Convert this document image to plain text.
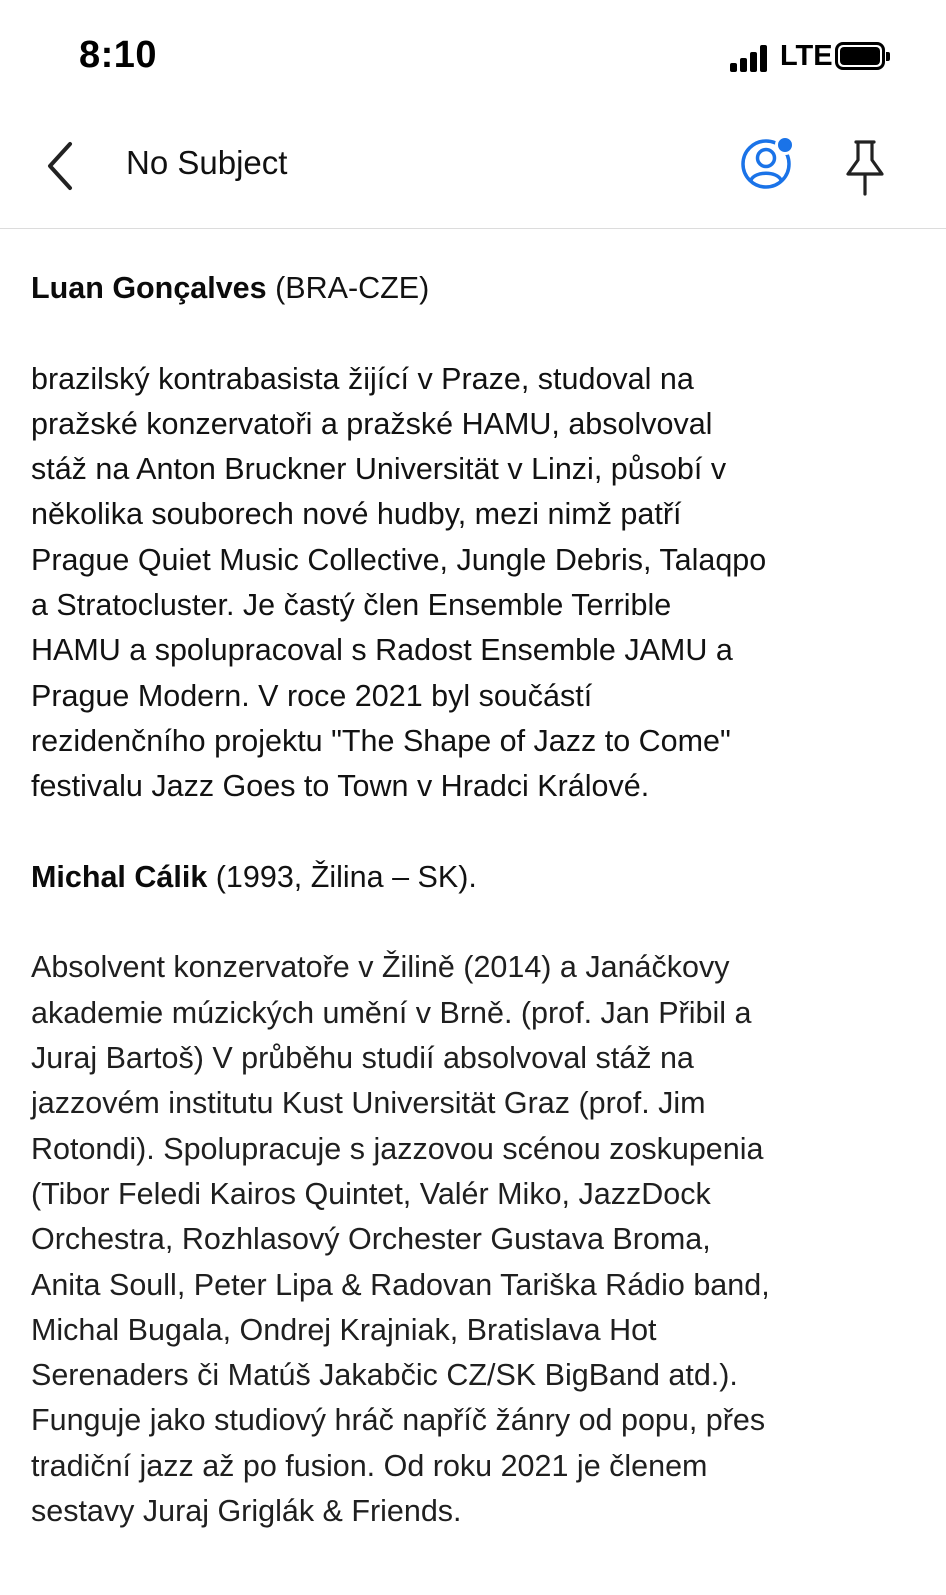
8:10	LTE
No Subject

Luan Gonçalves (BRA-CZE)

brazilský kontrabasista žijící v Praze, studoval na

pražské konzervatoři a pražské HAMU, absolvoval

stáž na Anton Bruckner Universität v Linzi, působí v

několika souborech nové hudby, mezi nimž patří

Prague Quiet Music Collective, Jungle Debris, Talaqpo

a Stratocluster. Je častý člen Ensemble Terrible

HAMU a spolupracoval s Radost Ensemble JAMU a

Prague Modern. V roce 2021 byl součástí

rezidenčního projektu "The Shape of Jazz to Come"

festivalu Jazz Goes to Town v Hradci Králové.

Michal Cálik (1993, Žilina – SK).

Absolvent konzervatoře v Žilině (2014) a Janáčkovy

akademie múzických umění v Brně. (prof. Jan Přibil a

Juraj Bartoš) V průběhu studií absolvoval stáž na

jazzovém institutu Kust Universität Graz (prof. Jim

Rotondi). Spolupracuje s jazzovou scénou zoskupenia

(Tibor Feledi Kairos Quintet, Valér Miko, JazzDock

Orchestra, Rozhlasový Orchester Gustava Broma,

Anita Soull, Peter Lipa & Radovan Tariška Rádio band,

Michal Bugala, Ondrej Krajniak, Bratislava Hot

Serenaders či Matúš Jakabčic CZ/SK BigBand atd.).

Funguje jako studiový hráč napříč žánry od popu, přes

tradiční jazz až po fusion. Od roku 2021 je členem

sestavy Juraj Griglák & Friends.
